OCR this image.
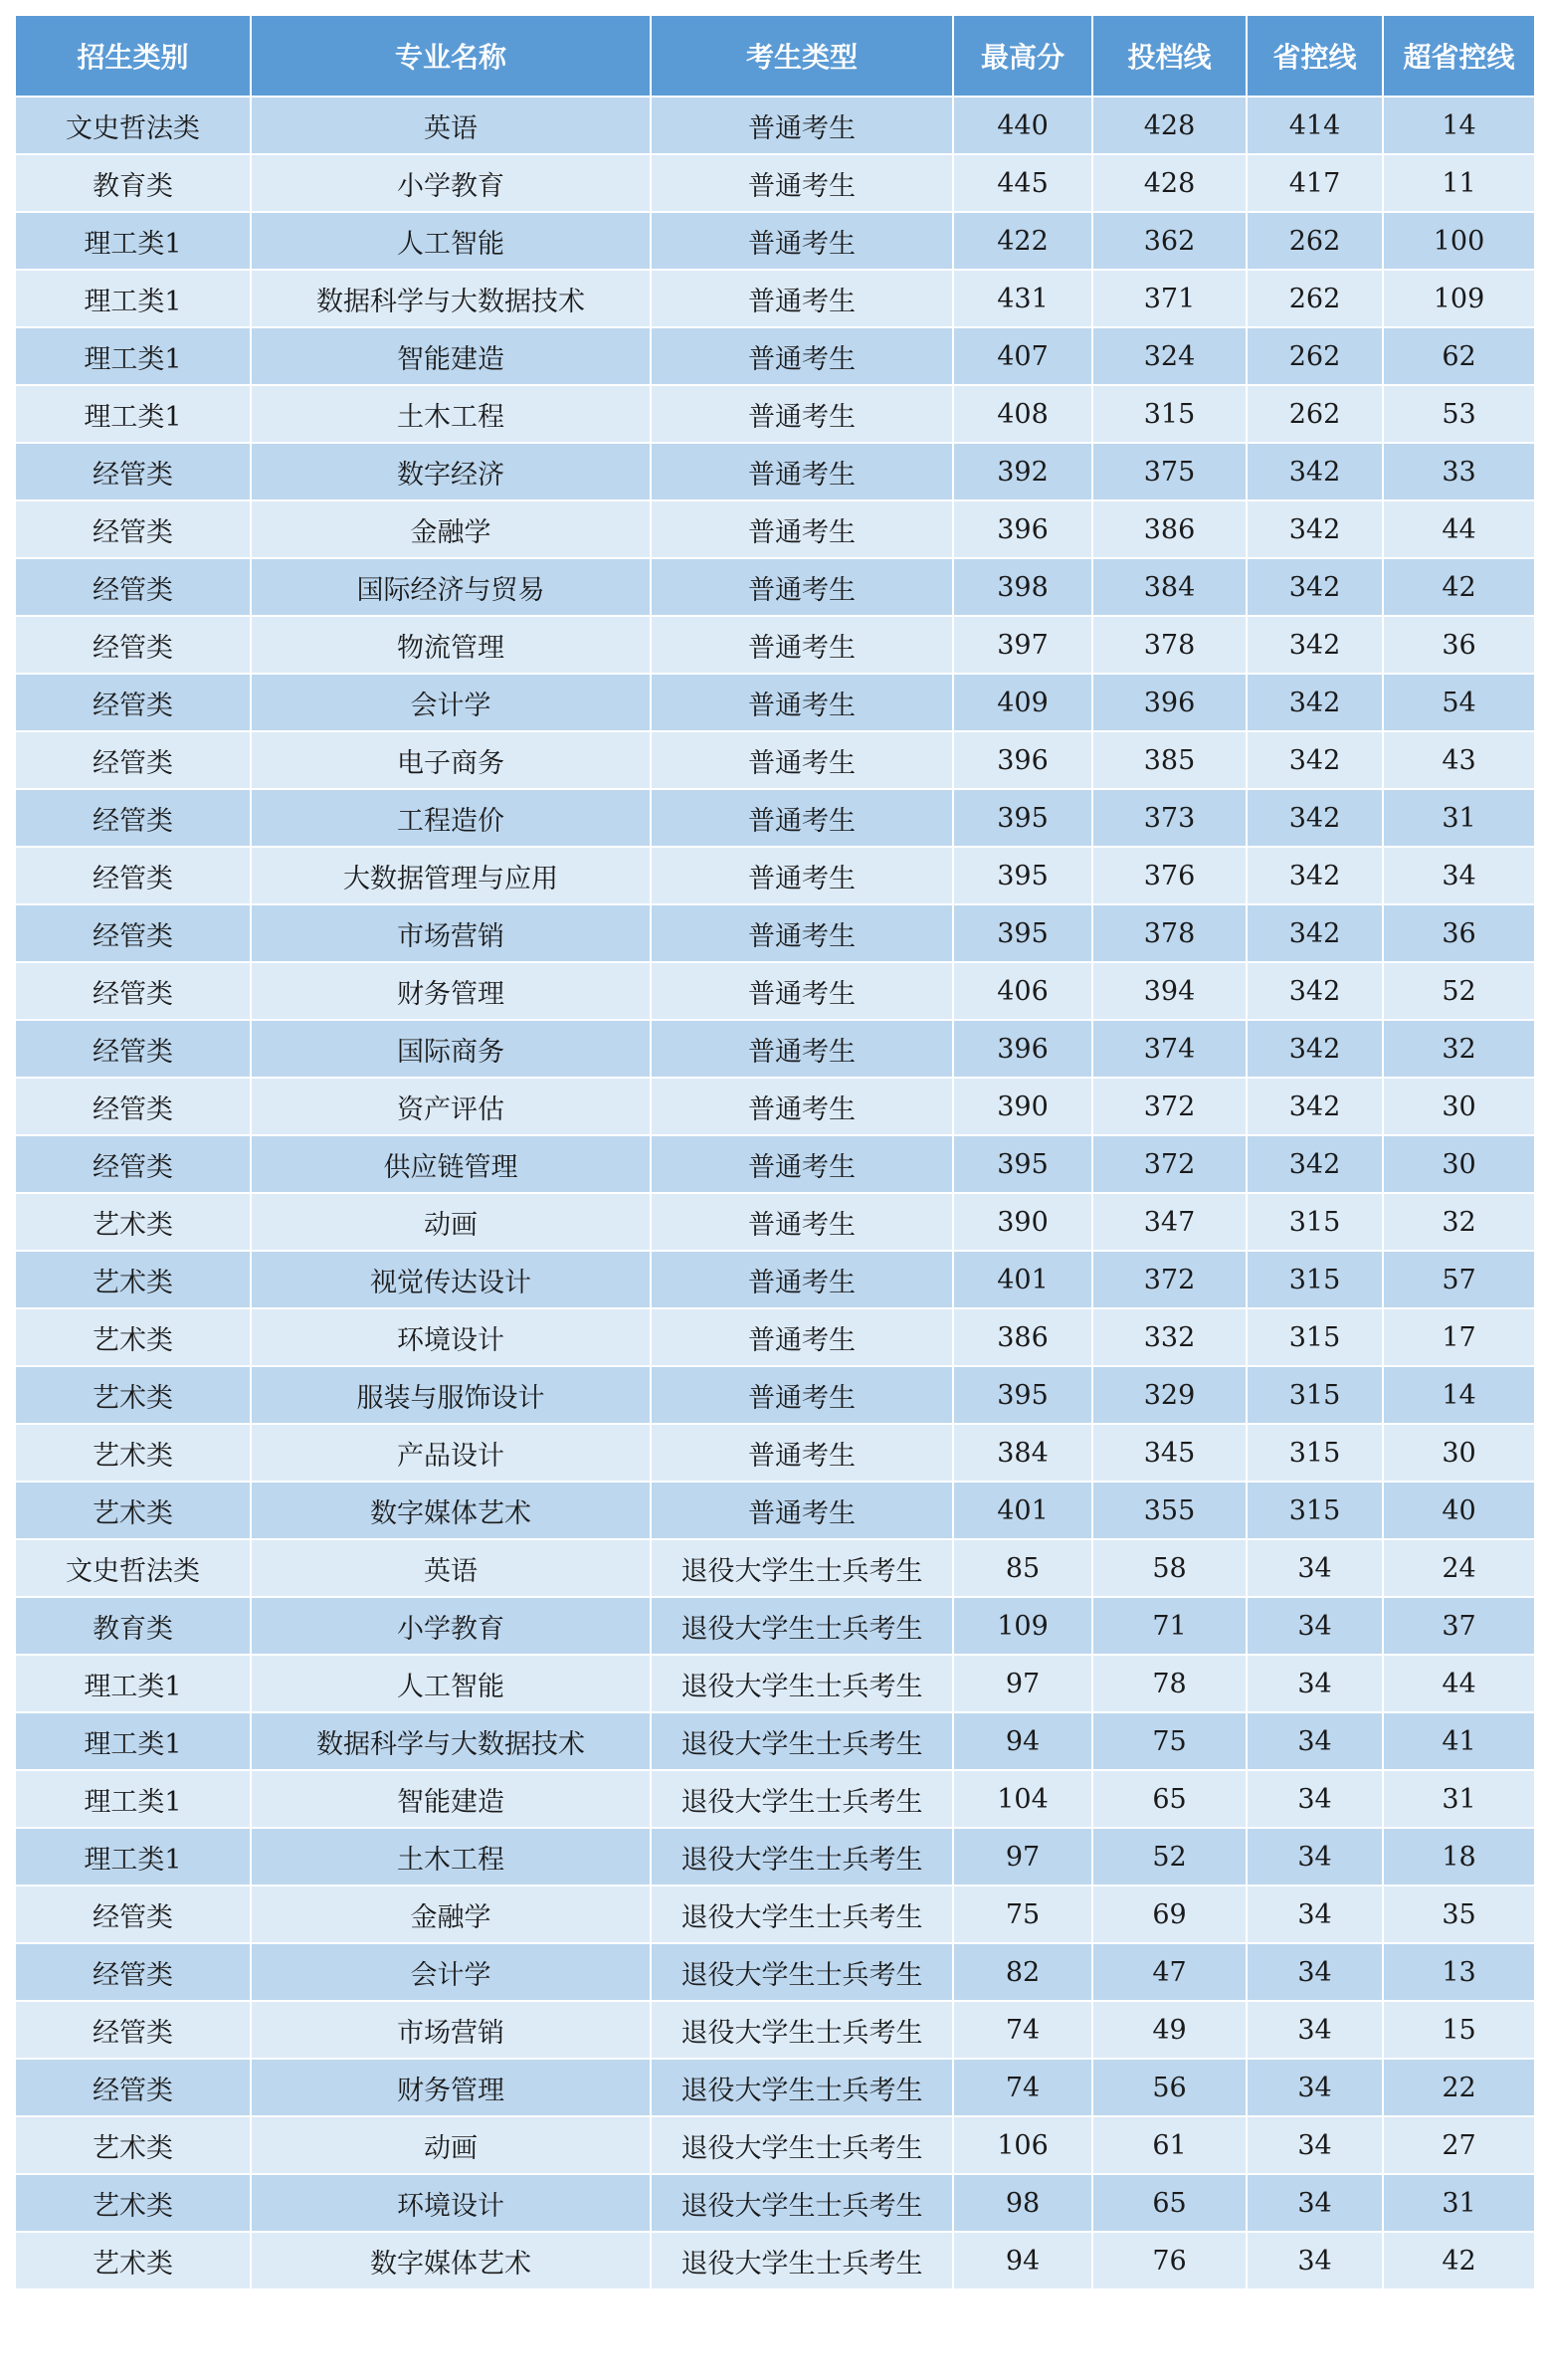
招生类别	专业名称	考生类型	最高分	投档线	省控线	超省控线
文史哲法类	英语	普通考生	440	428	414	14
教育类	小学教育	普通考生	445	428	417	11
理工类1	人工智能	普通考生	422	362	262	100
理工类1	数据科学与大数据技术	普通考生	431	371	262	109
理工类1	智能建造	普通考生	407	324	262	62
理工类1	土木工程	普通考生	408	315	262	53
经管类	数字经济	普通考生	392	375	342	33
经管类	金融学	普通考生	396	386	342	44
经管类	国际经济与贸易	普通考生	398	384	342	42
经管类	物流管理	普通考生	397	378	342	36
经管类	会计学	普通考生	409	396	342	54
经管类	电子商务	普通考生	396	385	342	43
经管类	工程造价	普通考生	395	373	342	31
经管类	大数据管理与应用	普通考生	395	376	342	34
经管类	市场营销	普通考生	395	378	342	36
经管类	财务管理	普通考生	406	394	342	52
经管类	国际商务	普通考生	396	374	342	32
经管类	资产评估	普通考生	390	372	342	30
经管类	供应链管理	普通考生	395	372	342	30
艺术类	动画	普通考生	390	347	315	32
艺术类	视觉传达设计	普通考生	401	372	315	57
艺术类	环境设计	普通考生	386	332	315	17
艺术类	服装与服饰设计	普通考生	395	329	315	14
艺术类	产品设计	普通考生	384	345	315	30
艺术类	数字媒体艺术	普通考生	401	355	315	40
文史哲法类	英语	退役大学生士兵考生	85	58	34	24
教育类	小学教育	退役大学生士兵考生	109	71	34	37
理工类1	人工智能	退役大学生士兵考生	97	78	34	44
理工类1	数据科学与大数据技术	退役大学生士兵考生	94	75	34	41
理工类1	智能建造	退役大学生士兵考生	104	65	34	31
理工类1	土木工程	退役大学生士兵考生	97	52	34	18
经管类	金融学	退役大学生士兵考生	75	69	34	35
经管类	会计学	退役大学生士兵考生	82	47	34	13
经管类	市场营销	退役大学生士兵考生	74	49	34	15
经管类	财务管理	退役大学生士兵考生	74	56	34	22
艺术类	动画	退役大学生士兵考生	106	61	34	27
艺术类	环境设计	退役大学生士兵考生	98	65	34	31
艺术类	数字媒体艺术	退役大学生士兵考生	94	76	34	42
